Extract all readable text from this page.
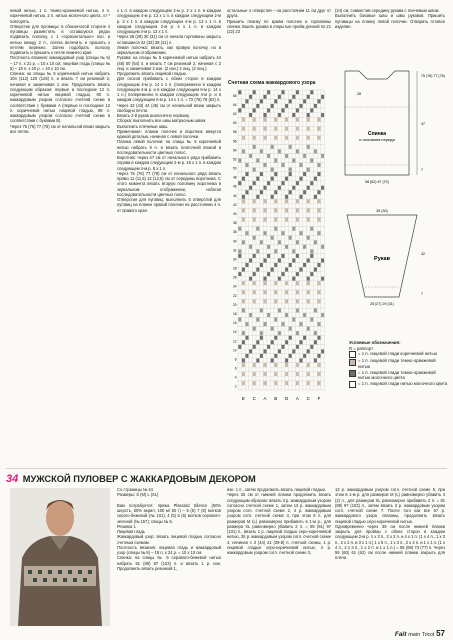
невой нитью, 1 п. темно-оранжевой нитью, 4 п. коричневой нитью, 2 п. нитью молочного цвета, от * повторять.
Отверстие для пуговицы: в сбахончатой стороне 4 пуговицы разместить в оставшуюся рядах подвязать полоску, с 1 «горизонтально» пол. и нитью между 2 п., спетка велечить и прошить к петлям вережно. Затем подобрать полоску подвязать и пришить к петле нижнего края.
Плотность вязания: жаккардовый узор (спицы № 5) – 17 п. x 21 р. = 10 x 10 см; лицевая гладь (спицы № 5) – 18 п. x 20 р. = 10 x 10 см.
Спинка: на спицы № 5 коричневой нитью набрать 104 (112) 120 (128) п. и вязать 7 см резинкой 2, начиная и заканчивая 1 изн. Продолжить вязать следующим образом: первые и последние 12 п. коричневой нитью лицевой гладью, 80 п. жаккардовым узором согласно счетной схеме в соответствии с буквами A (первые и последние 12 п. коричневой нитью лицевой гладью, 88 п. жаккардовым узором согласно счетной схеме в соответствии с буквами B).
Через 75 (76) 77 (78) см от начальной вязки закрыть все петли.
x 1 п. в каждом следующем 2-м р. 2 x 1 п. в каждом следующем 4-м р. 13 x 1 п. в каждом следующем 2-м р. 3 x 1 п. в каждом следующем 4-м р. 13 x 1 п. в каждом следующем 2-м р. 4 x 1 п. в каждом следующем 4-м р. 13 x 1 п.
Через 28 (29) 30 (31) см от начала горловины закрыть оставшиеся 32 (33) 38 (41) п.
Левая полочка: вязать, как правую полочку, но в зеркальном отображении.
Рукава: на спицы № 5 коричневой нитью набрать 44 (48) 50 (54) п. и вязать 7 см резинкой 2, начиная с 2 лиц. и заканчивая 2 изн. (2 изн.) 2 лиц. (2 лиц.).
Продолжить вязать лицевой гладью.
Для скосов прибавить с обеих сторон в каждом следующем 4-м р. 14 x 1 п. (попеременно в каждом следующем 4-м р. и в каждом следующем 6-м р. 14 x 1 п.) попеременно в каждом следующем 4-м р. и в каждом следующем 6-м р. 14 x 1 п. = 72 (76) 78 (82) п.
Через 42 (43) 44 (45) см от начальной вязки закрыть свободно петли.
Вязать 2-й рукав аналогично первому.
Сборка: выполнить все швы матрасным швом.
Выполнить плечевые швы.
Примечание: планки полочек и воротник вяжутся единой деталью, начиная с левой полочки.
Планка левой полочки: на спицы № 5 коричневой нитью набрать 9 п. и вязать платочной вязкой в последовательности цветных полос.
Воротник: через 47 см от начального ряда прибавить справа в каждом следующем 2-м р. 16 x 1 п. в каждом следующем 4-м р. 8 x 1 п.
Через 75 (76) 77 (78) см от начального ряда вязать прямо 11 (11,5) 12 (12,5) см от середины воротника. С этого момента вязать вторую половину воротника в зеркальном отображении, избегая последовательности цветных полос.
Отверстия для пуговиц: выполнить 5 отверстий для пуговиц на планке правой полочки на расстоянии 4 п. от правого края.
остальные 4 отверстия – на расстоянии 11 см друг от друга.
Пришить планку по краям полочек и горловины спинки. Вшить рукава в открытые пройм длиной по 21 (22) 23
(24) см, совместив середину рукава с плечевым швом.
Выполнить боковые швы и швы рукавов. Пришить пуговицы на планку левой полочки. Отварить готовое изделие.
Спинка
и половина переда
75 (76) 77 (78)
47
28
7
58 (62) 67 (70)
Рукав
28 (30)
42
7
25 (27) 29 (31)
Счетная схема жаккардового узора
66
64
62
60
58
56
54
52
50
48
46
44
42
40
38
36
34
32
30
28
26
24
22
20
18
16
14
12
10
8
6
4
2
E C A B D A C F
Условные обозначения:
R = раппорт
= 1 п. лицевой глади коричневой нитью
= 1 п. лицевой глади темно-оранжевой нитью
= 1 п. лицевой глади темно-оранжевой нитью молочного цвета
= 1 п. лицевой глади нитью молочного цвета
34 МУЖСКОЙ ПУЛОВЕР С ЖАККАРДОВЫМ ДЕКОРОМ
Со страницы № 24
Размеры: S (M) L (XL)

Вам потребуется: пряжа Plassard Silence (50% шерсть, 50% акрил; 100 м/ 50 г) – 5 (6) 7 (8) мотков серого-бежевой (№ 101), 4 (5) 5 (6) мотков серовато-зеленой (№ 157); спицы № 5.
Резинка 1
Лицевая гладь
Жаккардовый узор: вязать лицевой гладью согласно счетным схемам.
Плотность вязания: лицевая гладь и жаккардовый узор (спицы № 5) – 18 п. x 24 р. = 10 x 10 см.
Спинка: на спицы № 5 серовато-бежевой нитью набрать 81 (89) 97 (103) п. и вязать 1 р. изн. Продолжить вязать резинкой 1,
изн. 1 п., затем продолжить вязать лицевой гладью.
Через 25 см от нижней планки продолжить вязать следующим образом: вязать 3 р. жаккардовым узором согласно счетной схеме 1, затем 13 р. жаккардовым узором согл. счетной схеме 2, 4 р. жаккардовым узором согл. счетной схеме 3, при этом 8 п. для размеров M (L) равномерно прибавить в 1-м р., для размера XL равномерно убавить 2 п. = 85 (91) 97 (101) п., вязать 1 р. лицевой гладью серо-коричневой нитью, 25 р. жаккардовым узором согл. счетной схеме 4, начиная с 3 (44) 41 (39-й) п. счетной схемы, 1 р. лицевой гладью серо-коричневой нитью, 4 р. жаккардовым узором согл. счетной схеме 3,
13 р. жаккардовым узором согл. счетной схеме 5, при этом в 1-м р. для размеров M (L) равномерно убавить 4 (2) п., для размеров XL равномерно прибавить 2 п. = 81 (89) 97 (103) п., затем вязать 3 р. жаккардовым узором согл. счетной схеме 7. После того как все 67 р. жаккардового узора связаны, продолжить вязать лицевой гладью серо-коричневой нитью.
Одновременно через 39 см после нижней планки закрыть для проймы с обеих сторон в каждом следующем 2-м р. 1 x 3 п., 2 x 2 п. и 4 x 1 п. (1 x 4 п., 1 x 3 п., 2 x 2 п. и 3 x 1 п.) 1 x 5 п., 1 x 3 п., 2 x 2 п. и 1 x 1 п. (1 x 4 п., 2 x 3 п., 1 x 2 п. и 1 x 1 п.) = 65 (69) 73 (77) п. Через 59 (60) 61 (62) см после нижней планки закрыть для плеча
Fait main Tricot 57
